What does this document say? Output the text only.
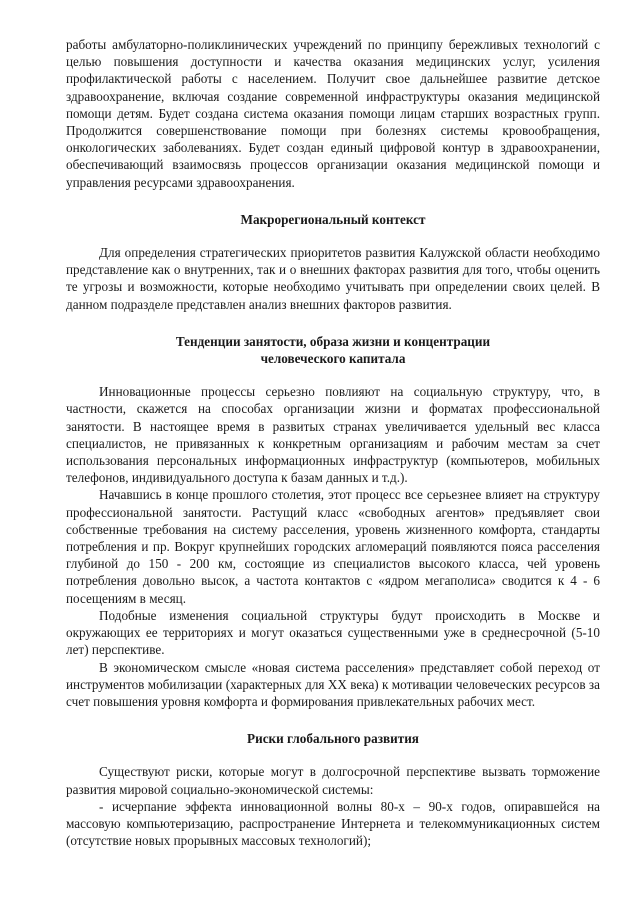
работы амбулаторно-поликлинических учреждений по принципу бережливых технологий с целью повышения доступности и качества оказания медицинских услуг, усиления профилактической работы с населением. Получит свое дальнейшее развитие детское здравоохранение, включая создание современной инфраструктуры оказания медицинской помощи детям. Будет создана система оказания помощи лицам старших возрастных групп. Продолжится совершенствование помощи при болезнях системы кровообращения, онкологических заболеваниях. Будет создан единый цифровой контур в здравоохранении, обеспечивающий взаимосвязь процессов организации оказания медицинской помощи и управления ресурсами здравоохранения.

Макрорегиональный контекст

Для определения стратегических приоритетов развития Калужской области необходимо представление как о внутренних, так и о внешних факторах развития для того, чтобы оценить те угрозы и возможности, которые необходимо учитывать при определении своих целей. В данном подразделе представлен анализ внешних факторов развития.

Тенденции занятости, образа жизни и концентрации
человеческого капитала

Инновационные процессы серьезно повлияют на социальную структуру, что, в частности, скажется на способах организации жизни и форматах профессиональной занятости. В настоящее время в развитых странах увеличивается удельный вес класса специалистов, не привязанных к конкретным организациям и рабочим местам за счет использования персональных информационных инфраструктур (компьютеров, мобильных телефонов, индивидуального доступа к базам данных и т.д.).

Начавшись в конце прошлого столетия, этот процесс все серьезнее влияет на структуру профессиональной занятости. Растущий класс «свободных агентов» предъявляет свои собственные требования на систему расселения, уровень жизненного комфорта, стандарты потребления и пр. Вокруг крупнейших городских агломераций появляются пояса расселения глубиной до 150 - 200 км, состоящие из специалистов высокого класса, чей уровень потребления довольно высок, а частота контактов с «ядром мегаполиса» сводится к 4 - 6 посещениям в месяц.

Подобные изменения социальной структуры будут происходить в Москве и окружающих ее территориях и могут оказаться существенными уже в среднесрочной (5-10 лет) перспективе.

В экономическом смысле «новая система расселения» представляет собой переход от инструментов мобилизации (характерных для XX века) к мотивации человеческих ресурсов за счет повышения уровня комфорта и формирования привлекательных рабочих мест.

Риски глобального развития

Существуют риски, которые могут в долгосрочной перспективе вызвать торможение развития мировой социально-экономической системы:

- исчерпание эффекта инновационной волны 80-х – 90-х годов, опиравшейся на массовую компьютеризацию, распространение Интернета и телекоммуникационных систем (отсутствие новых прорывных массовых технологий);
